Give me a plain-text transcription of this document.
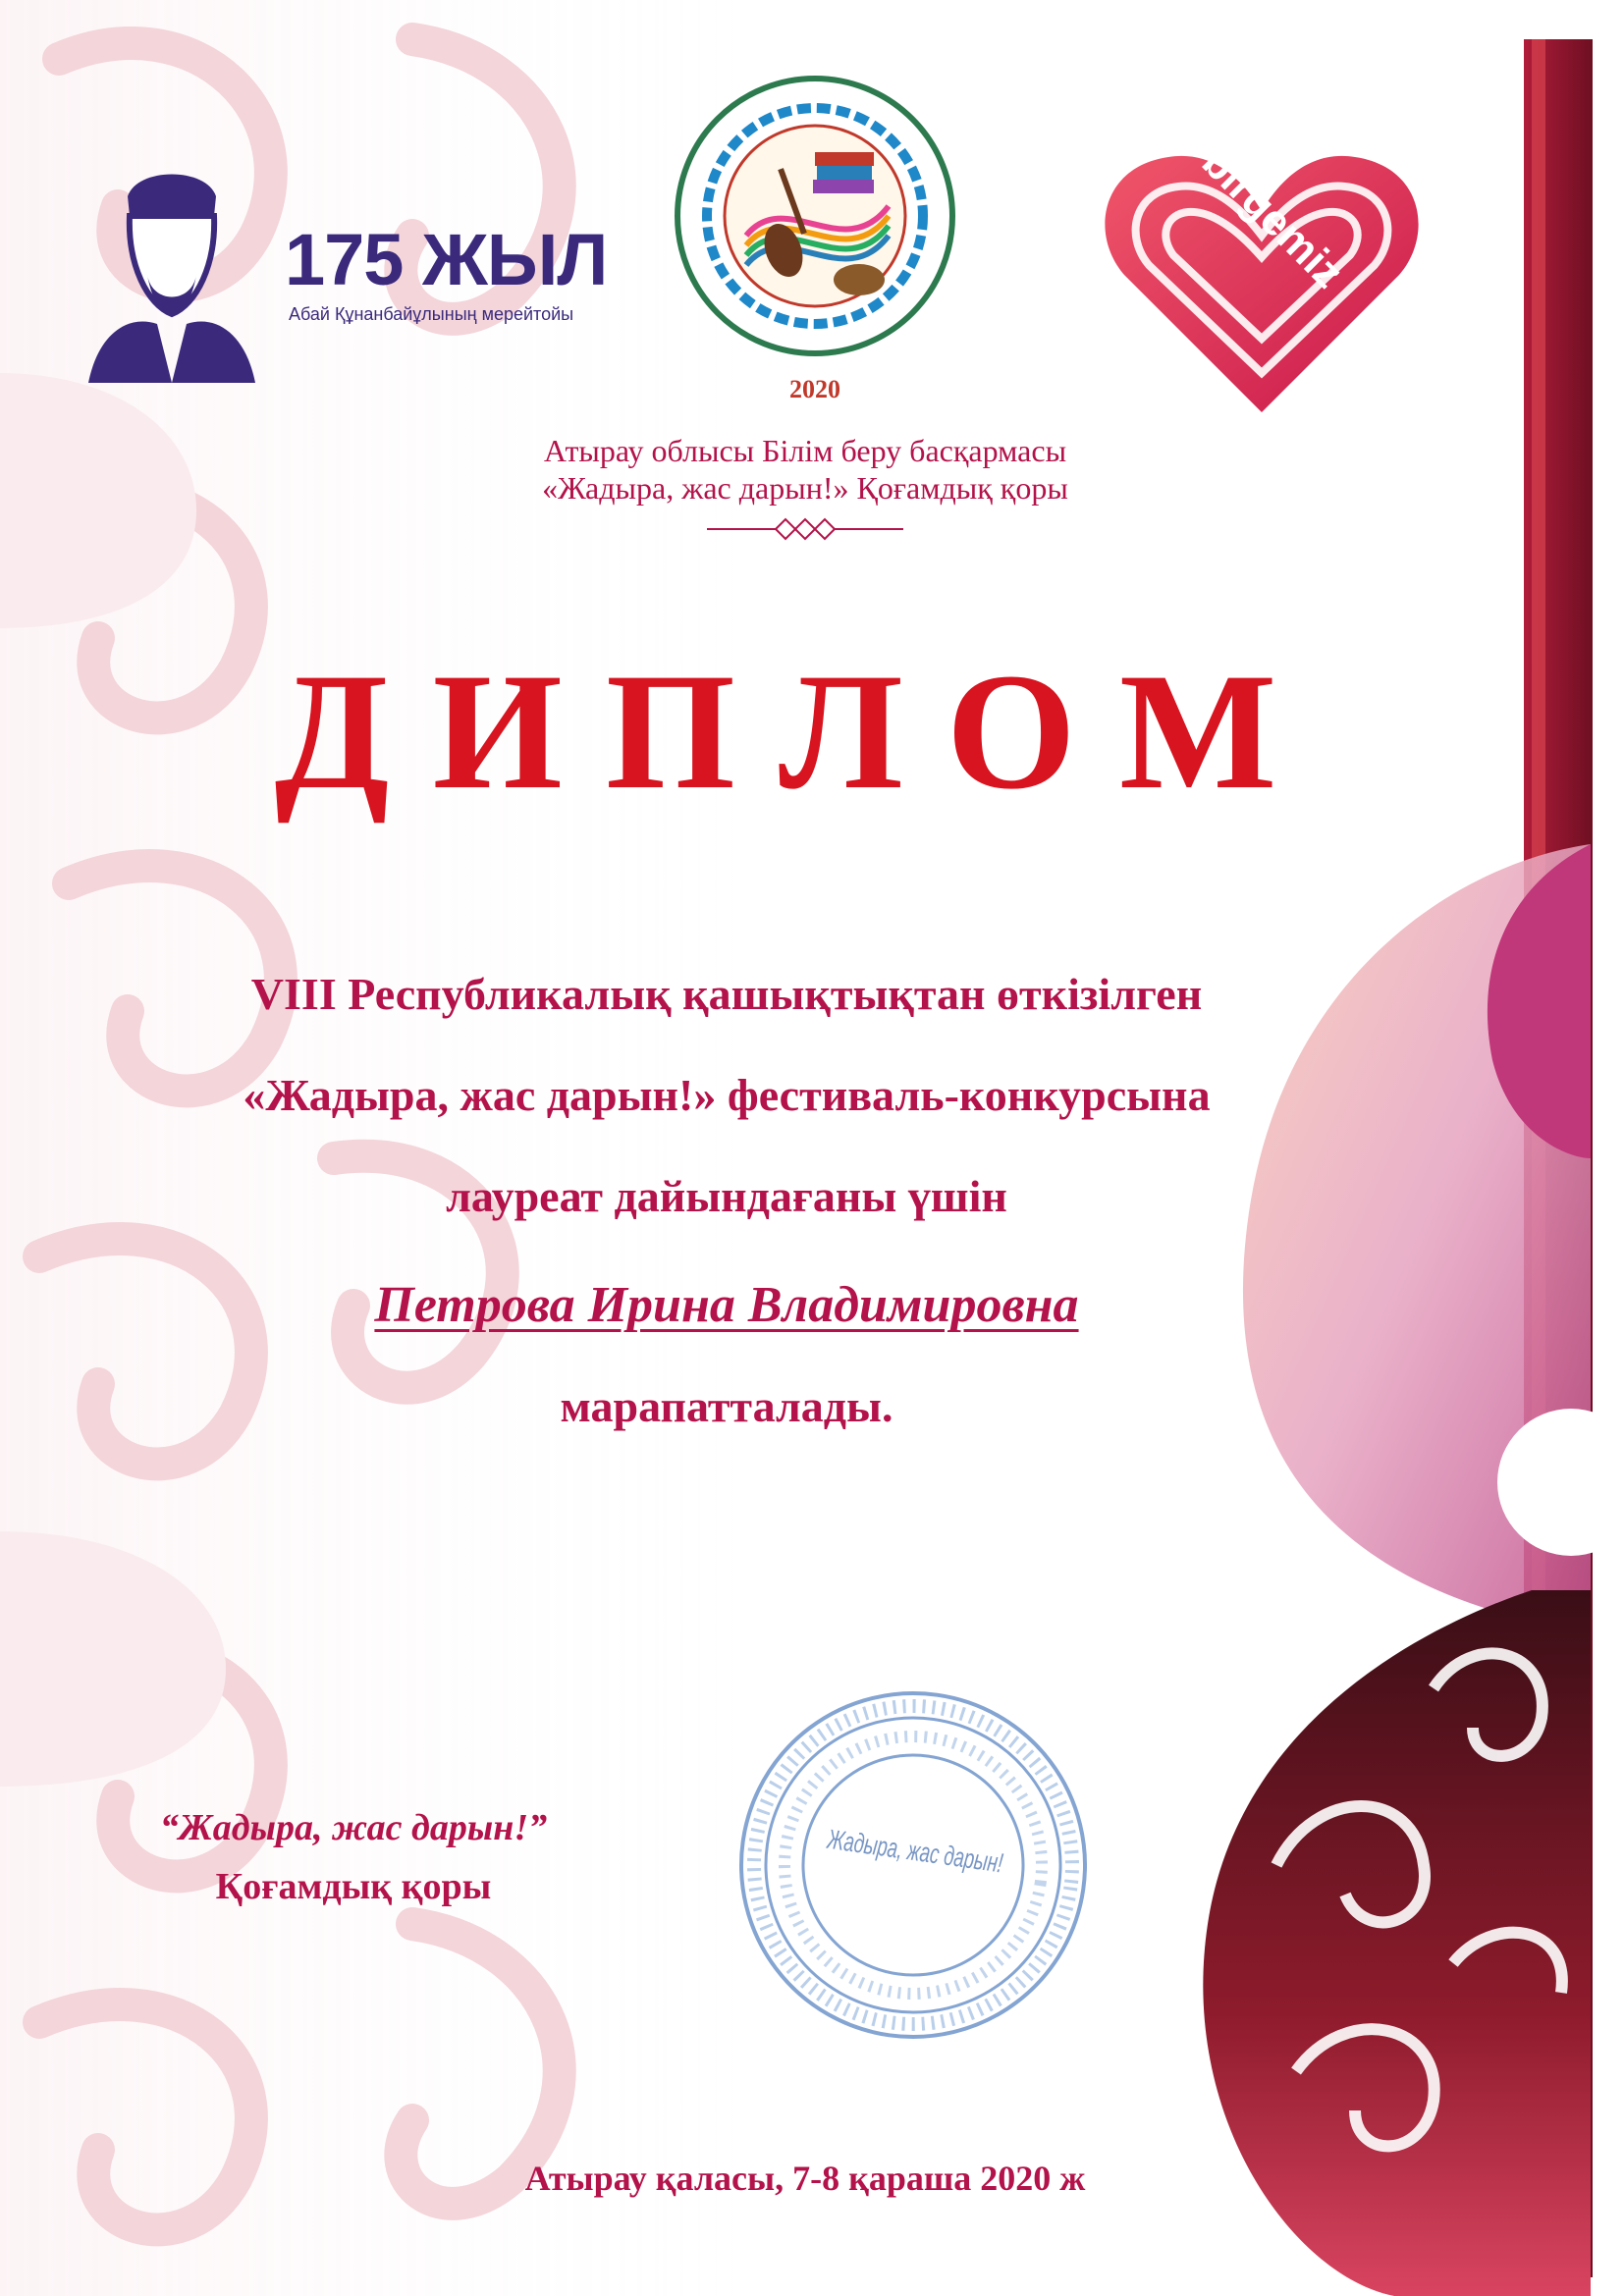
175 ЖЫЛ
Абай Құнанбайұлының мерейтойы
2020
birgemiz
Атырау облысы Білім беру басқармасы
«Жадыра, жас дарын!» Қоғамдық қоры
ДИПЛОМ
VIII Республикалық қашықтықтан өткізілген
«Жадыра, жас дарын!» фестиваль-конкурсына
лауреат дайындағаны үшін
Петрова Ирина Владимировна
марапатталады.
“Жадыра, жас дарын!”
Қоғамдық қоры	Жадыра, жас дарын!
Атырау қаласы, 7-8 қараша 2020 ж
